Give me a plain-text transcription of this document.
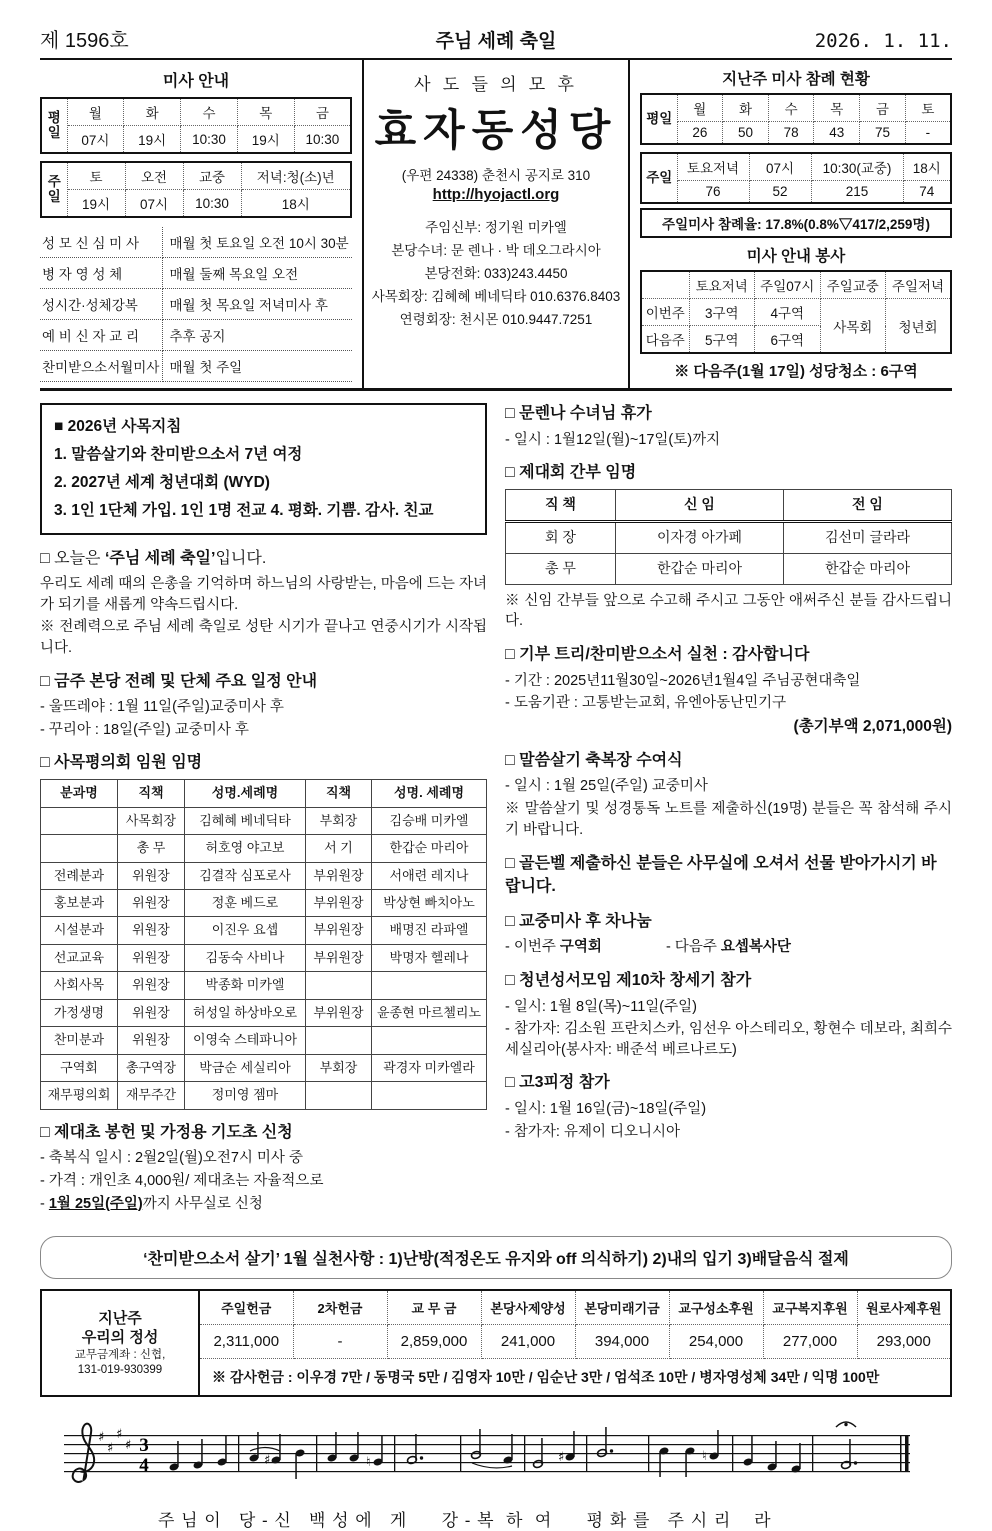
제 1596호	주님 세례 축일	2026. 1. 11.
미사 안내
평일	월	화	수	목	금
	07시	19시	10:30	19시	10:30
주일	토	오전	교중	저녁:청(소)년
	19시	07시	10:30	18시
성 모 신 심 미 사	매월 첫 토요일 오전 10시 30분
병 자 영 성 체	매월 둘째 목요일 오전
성시간·성체강복	매월 첫 목요일 저녁미사 후
예 비 신 자 교 리	추후 공지
찬미받으소서월미사	매월 첫 주일
사 도 들 의 모 후
효자동성당
(우편 24338) 춘천시 공지로 310
http://hyojactl.org
주임신부: 정기원 미카엘
본당수녀: 문 렌나 · 박 데오그라시아
본당전화: 033)243.4450
사목회장: 김혜혜 베네딕타 010.6376.8403
연령회장: 천시몬 010.9447.7251
지난주 미사 참례 현황
평일	월	화	수	목	금	토
	26	50	78	43	75	-
주일	토요저녁	07시	10:30(교중)	18시
	76	52	215	74
주일미사 참례율: 17.8%(0.8%▽417/2,259명)
미사 안내 봉사
	토요저녁	주일07시	주일교중	주일저녁
이번주	3구역	4구역	사목회	청년회
다음주	5구역	6구역		
※ 다음주(1월 17일) 성당청소 : 6구역
■ 2026년 사목지침
1. 말씀살기와 찬미받으소서 7년 여정
2. 2027년 세계 청년대회 (WYD)
3. 1인 1단체 가입. 1인 1명 전교 4. 평화. 기쁨. 감사. 친교
□ 오늘은 ‘주님 세례 축일’입니다.
우리도 세례 때의 은총을 기억하며 하느님의 사랑받는, 마음에 드는 자녀가 되기를 새롭게 약속드립시다.
※ 전례력으로 주님 세례 축일로 성탄 시기가 끝나고 연중시기가 시작됩니다.
□ 금주 본당 전례 및 단체 주요 일정 안내
- 울뜨레야 : 1월 11일(주일)교중미사 후
- 꾸리아 : 18일(주일) 교중미사 후
□ 사목평의회 임원 임명
분과명	직책	성명.세례명	직책	성명. 세례명
	사목회장	김혜혜 베네딕타	부회장	김승배 미카엘
	총 무	허호영 야고보	서 기	한갑순 마리아
전례분과	위원장	김결작 심포로사	부위원장	서애련 레지나
홍보분과	위원장	정훈 베드로	부위원장	박상현 빠치아노
시설분과	위원장	이진우 요셉	부위원장	배명진 라파엘
선교교육	위원장	김동숙 사비나	부위원장	박명자 헬레나
사회사목	위원장	박종화 미카엘		
가정생명	위원장	허성일 하상바오로	부위원장	윤종현 마르첼리노
찬미분과	위원장	이영숙 스테파니아		
구역회	총구역장	박금순 세실리아	부회장	곽경자 미카엘라
재무평의회	재무주간	정미영 젬마		
□ 제대초 봉헌 및 가정용 기도초 신청
- 축복식 일시 : 2월2일(월)오전7시 미사 중
- 가격 : 개인초 4,000원/ 제대초는 자율적으로
- 1월 25일(주일)까지 사무실로 신청
□ 문렌나 수녀님 휴가
- 일시 : 1월12일(월)~17일(토)까지
□ 제대회 간부 임명
직 책	신 임	전 임
회 장	이자경 아가페	김선미 글라라
총 무	한갑순 마리아	한갑순 마리아
※ 신임 간부들 앞으로 수고해 주시고 그동안 애써주신 분들 감사드립니다.
□ 기부 트리/찬미받으소서 실천 : 감사합니다
- 기간 : 2025년11월30일~2026년1월4일 주님공현대축일
- 도움기관 : 고통받는교회, 유엔아동난민기구
(총기부액 2,071,000원)
□ 말씀살기 축복장 수여식
- 일시 : 1월 25일(주일) 교중미사
※ 말씀살기 및 성경통독 노트를 제출하신(19명) 분들은 꼭 참석해 주시기 바랍니다.
□ 골든벨 제출하신 분들은 사무실에 오셔서 선물 받아가시기 바랍니다.
□ 교중미사 후 차나눔
- 이번주 구역회	- 다음주 요셉복사단
□ 청년성서모임 제10차 창세기 참가
- 일시: 1월 8일(목)~11일(주일)
- 참가자: 김소원 프란치스카, 임선우 아스테리오, 황현수 데보라, 최희수 세실리아(봉사자: 배준석 베르나르도)
□ 고3피정 참가
- 일시: 1월 16일(금)~18일(주일)
- 참가자: 유제이 디오니시아
‘찬미받으소서 살기’ 1월 실천사항 : 1)난방(적정온도 유지와 off 의식하기) 2)내의 입기 3)배달음식 절제
지난주
우리의 정성
교무금계좌 : 신협,
131-019-930399	주일헌금	2차헌금	교 무 금	본당사제양성	본당미래기금	교구성소후원	교구복지후원	원로사제후원
	2,311,000	-	2,859,000	241,000	394,000	254,000	277,000	293,000
	※ 감사헌금 : 이우경 7만 / 동명국 5만 / 김영자 10만 / 임순난 3만 / 엄석조 10만 / 병자영성체 34만 / 익명 100만							
♯
♯
♯
♯ 3
4	♯	♮	♯	♮
주 님 이   당 - 신   백 성 에   게      강 - 복  하  여      평 화 를   주 시 리    라
